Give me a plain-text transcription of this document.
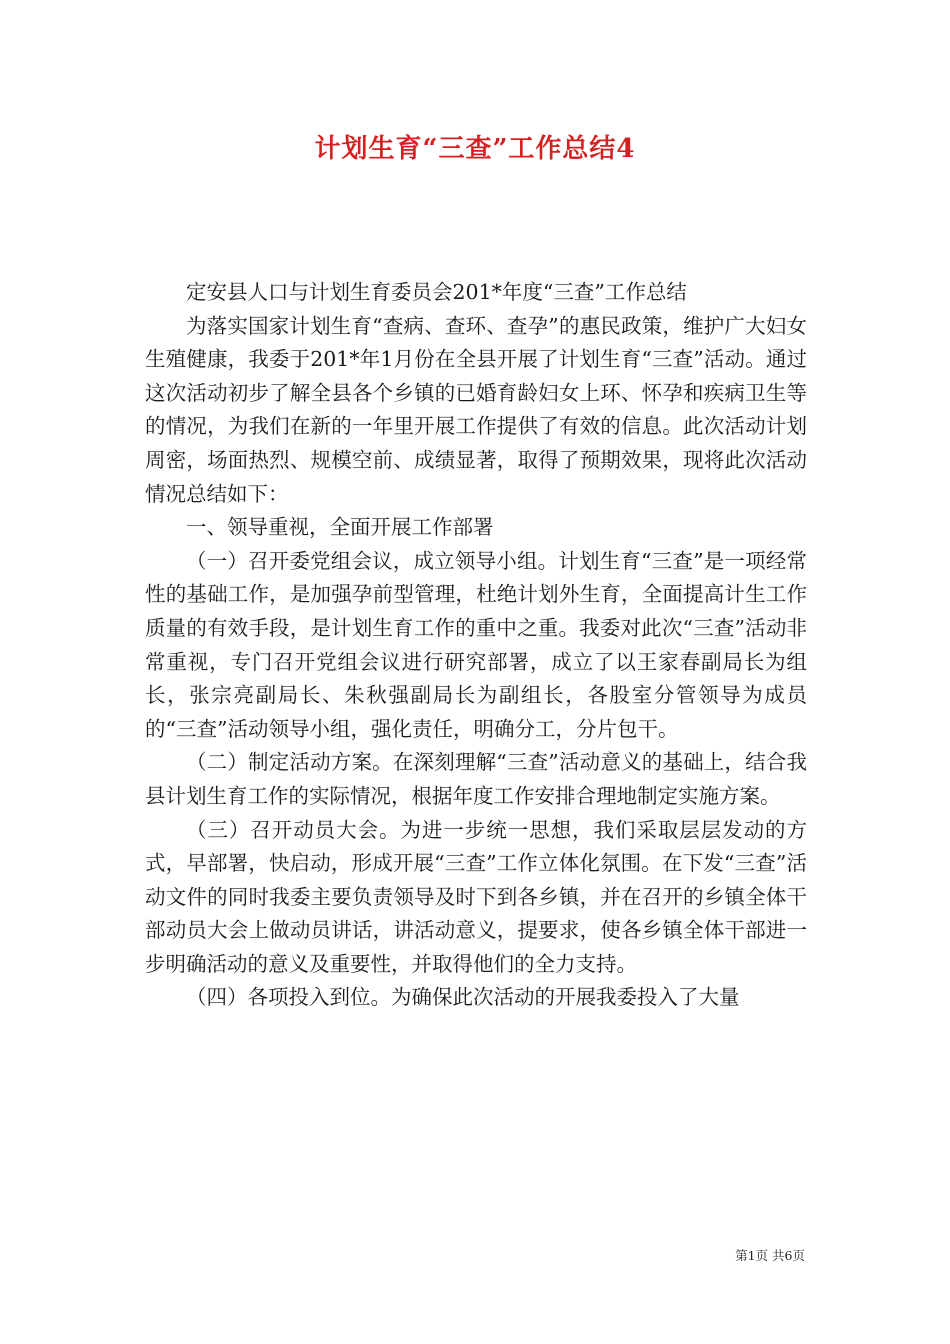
计划生育“三查”工作总结4

定安县人口与计划生育委员会201*年度“三查”工作总结

为落实国家计划生育“查病、查环、查孕”的惠民政策，维护广大妇女生殖健康，我委于201*年1月份在全县开展了计划生育“三查”活动。通过这次活动初步了解全县各个乡镇的已婚育龄妇女上环、怀孕和疾病卫生等的情况，为我们在新的一年里开展工作提供了有效的信息。此次活动计划周密，场面热烈、规模空前、成绩显著，取得了预期效果，现将此次活动情况总结如下：

一、领导重视，全面开展工作部署

（一）召开委党组会议，成立领导小组。计划生育“三查”是一项经常性的基础工作，是加强孕前型管理，杜绝计划外生育，全面提高计生工作质量的有效手段，是计划生育工作的重中之重。我委对此次“三查”活动非常重视，专门召开党组会议进行研究部署，成立了以王家春副局长为组长，张宗亮副局长、朱秋强副局长为副组长，各股室分管领导为成员的“三查”活动领导小组，强化责任，明确分工，分片包干。

（二）制定活动方案。在深刻理解“三查”活动意义的基础上，结合我县计划生育工作的实际情况，根据年度工作安排合理地制定实施方案。

（三）召开动员大会。为进一步统一思想，我们采取层层发动的方式，早部署，快启动，形成开展“三查”工作立体化氛围。在下发“三查”活动文件的同时我委主要负责领导及时下到各乡镇，并在召开的乡镇全体干部动员大会上做动员讲话，讲活动意义，提要求，使各乡镇全体干部进一步明确活动的意义及重要性，并取得他们的全力支持。

（四）各项投入到位。为确保此次活动的开展我委投入了大量

第1页 共6页
